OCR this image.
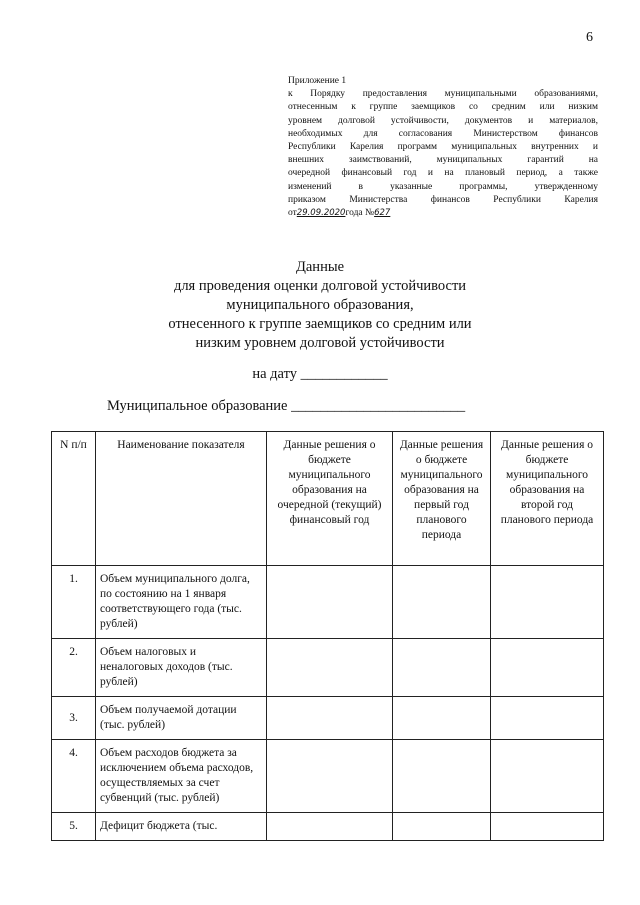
6
Приложение 1
к Порядку предоставления муниципальными образованиями,
отнесенным к группе заемщиков со средним или низким
уровнем долговой устойчивости, документов и материалов,
необходимых для согласования Министерством финансов
Республики Карелия программ муниципальных внутренних и
внешних заимствований, муниципальных гарантий на
очередной финансовый год и на плановый период, а также
изменений в указанные программы, утвержденному
приказом Министерства финансов Республики Карелия
от29.09.2020года №627
Данные
для проведения оценки долговой устойчивости
муниципального образования,
отнесенного к группе заемщиков со средним или
низким уровнем долговой устойчивости
на дату ____________
Муниципальное образование ________________________
N п/п	Наименование показателя	Данные решения о бюджете муниципального образования на очередной (текущий) финансовый год	Данные решения о бюджете муниципального образования на первый год планового периода	Данные решения о бюджете муниципального образования на второй год планового периода
1.	Объем муниципального долга, по состоянию на 1 января соответствующего года (тыс. рублей)			
2.	Объем налоговых и неналоговых доходов (тыс. рублей)			
3.	Объем получаемой дотации (тыс. рублей)			
4.	Объем расходов бюджета за исключением объема расходов, осуществляемых за счет субвенций (тыс. рублей)			
5.	Дефицит бюджета (тыс.			
